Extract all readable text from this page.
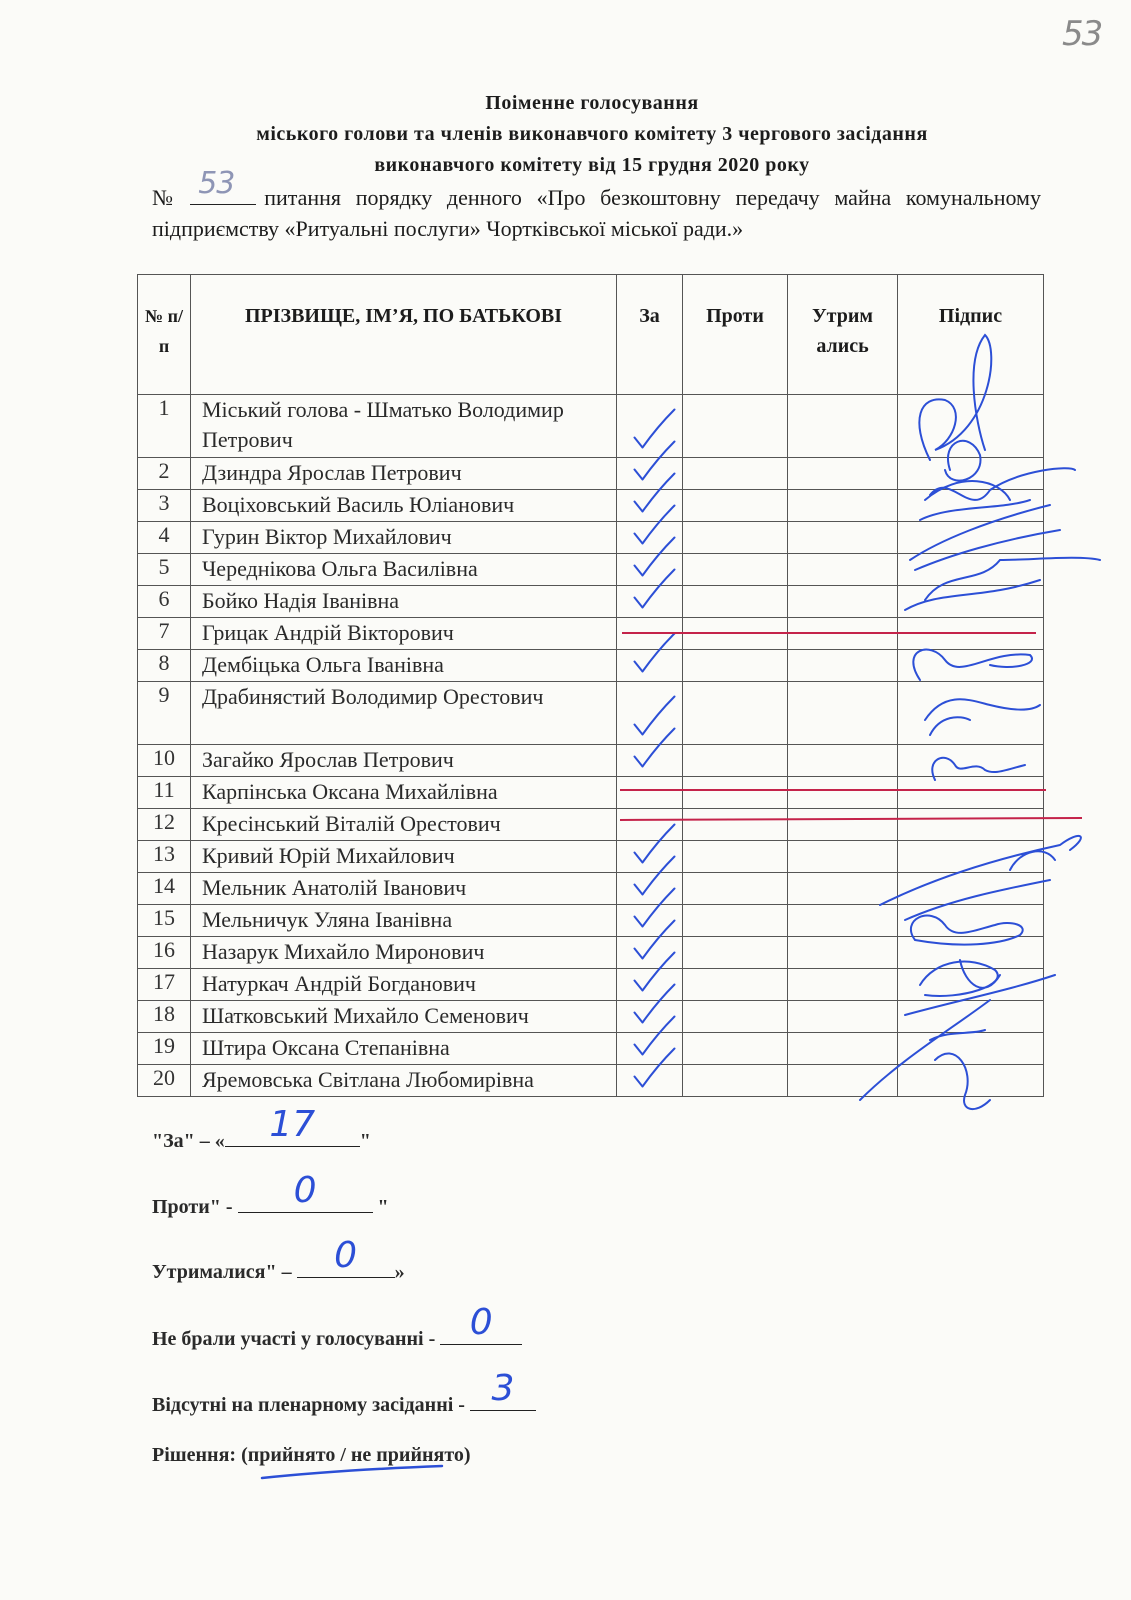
53
Поіменне голосування
міського голови та членів виконавчого комітету 3 чергового засідання
виконавчого комітету від 15 грудня 2020 року
№ 53 питання порядку денного «Про безкоштовну передачу майна комунальному підприємству «Ритуальні послуги» Чортківської міської ради.»
№ п/ п	ПРІЗВИЩЕ, ІМ’Я, ПО БАТЬКОВІ	За	Проти	Утрим ались	Підпис
1	Міський голова - Шматько Володимир Петрович				
2	Дзиндра Ярослав Петрович				
3	Воціховський Василь Юліанович				
4	Гурин Віктор Михайлович				
5	Череднікова Ольга Василівна				
6	Бойко Надія Іванівна				
7	Грицак Андрій Вікторович				
8	Дембіцька Ольга Іванівна				
9	Драбинястий Володимир Орестович				
10	Загайко Ярослав Петрович				
11	Карпінська Оксана Михайлівна				
12	Кресінський Віталій Орестович				
13	Кривий Юрій Михайлович				
14	Мельник Анатолій Іванович				
15	Мельничук Уляна Іванівна				
16	Назарук Михайло Миронович				
17	Натуркач Андрій Богданович				
18	Шатковський Михайло Семенович				
19	Штира Оксана Степанівна				
20	Яремовська Світлана Любомирівна				
"За" – «	17	"
Проти" -	0	"
Утрималися" –	0	»
Не брали участі у голосуванні - 0
Відсутні на пленарному засіданні - 3
Рішення: (прийнято / не прийнято)
